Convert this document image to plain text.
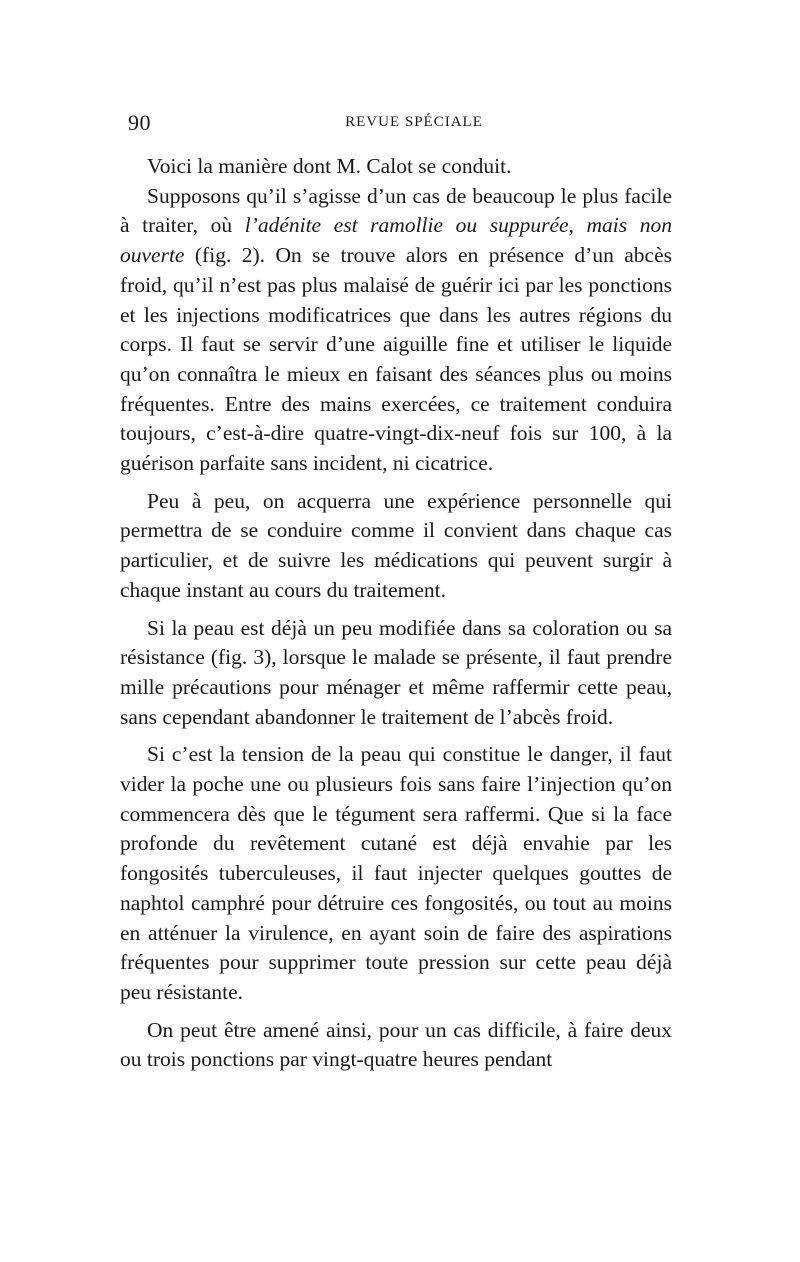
90	REVUE SPÉCIALE

Voici la manière dont M. Calot se conduit.

Supposons qu’il s’agisse d’un cas de beaucoup le plus facile à traiter, où l’adénite est ramollie ou suppurée, mais non ouverte (fig. 2). On se trouve alors en présence d’un abcès froid, qu’il n’est pas plus malaisé de guérir ici par les ponctions et les injections modificatrices que dans les autres régions du corps. Il faut se servir d’une aiguille fine et utiliser le liquide qu’on connaîtra le mieux en faisant des séances plus ou moins fréquentes. Entre des mains exercées, ce traitement conduira toujours, c’est-à-dire quatre-vingt-dix-neuf fois sur 100, à la guérison parfaite sans incident, ni cicatrice.

Peu à peu, on acquerra une expérience personnelle qui permettra de se conduire comme il convient dans chaque cas particulier, et de suivre les médications qui peuvent surgir à chaque instant au cours du traitement.

Si la peau est déjà un peu modifiée dans sa coloration ou sa résistance (fig. 3), lorsque le malade se présente, il faut prendre mille précautions pour ménager et même raffermir cette peau, sans cependant abandonner le traitement de l’abcès froid.

Si c’est la tension de la peau qui constitue le danger, il faut vider la poche une ou plusieurs fois sans faire l’injection qu’on commencera dès que le tégument sera raffermi. Que si la face profonde du revêtement cutané est déjà envahie par les fongosités tuberculeuses, il faut injecter quelques gouttes de naphtol camphré pour détruire ces fongosités, ou tout au moins en atténuer la virulence, en ayant soin de faire des aspirations fréquentes pour supprimer toute pression sur cette peau déjà peu résistante.

On peut être amené ainsi, pour un cas difficile, à faire deux ou trois ponctions par vingt-quatre heures pendant
